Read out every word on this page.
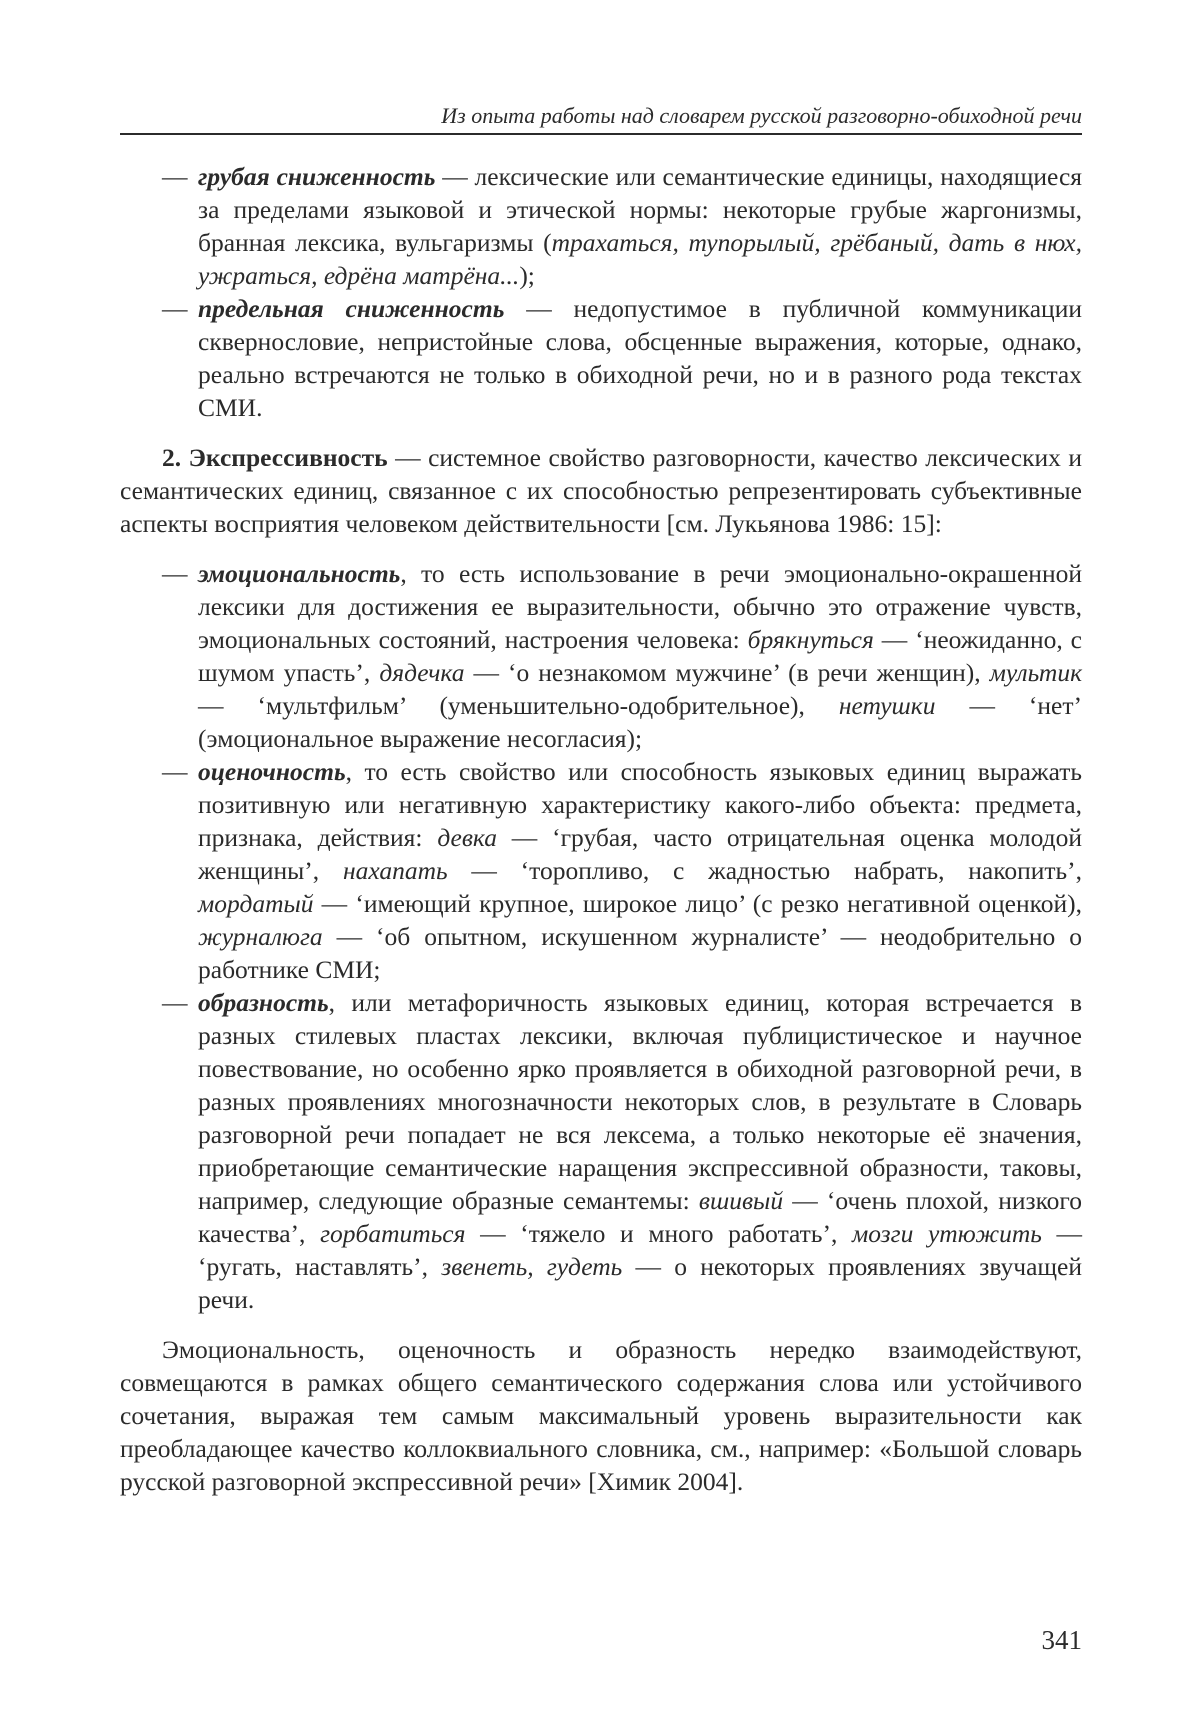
Из опыта работы над словарем русской разговорно-обиходной речи

— грубая сниженность — лексические или семантические единицы, находящиеся за пределами языковой и этической нормы: некоторые грубые жаргонизмы, бранная лексика, вульгаризмы (трахаться, тупорылый, грёбаный, дать в нюх, ужраться, едрёна матрёна...);

— предельная сниженность — недопустимое в публичной коммуникации сквернословие, непристойные слова, обсценные выражения, которые, однако, реально встречаются не только в обиходной речи, но и в разного рода текстах СМИ.

2. Экспрессивность — системное свойство разговорности, качество лексических и семантических единиц, связанное с их способностью репрезентировать субъективные аспекты восприятия человеком действительности [см. Лукьянова 1986: 15]:

— эмоциональность, то есть использование в речи эмоционально-окрашенной лексики для достижения ее выразительности, обычно это отражение чувств, эмоциональных состояний, настроения человека: брякнуться — ‘неожиданно, с шумом упасть’, дядечка — ‘о незнакомом мужчине’ (в речи женщин), мультик — ‘мультфильм’ (уменьшительно-одобрительное), нетушки — ‘нет’ (эмоциональное выражение несогласия);

— оценочность, то есть свойство или способность языковых единиц выражать позитивную или негативную характеристику какого-либо объекта: предмета, признака, действия: девка — ‘грубая, часто отрицательная оценка молодой женщины’, нахапать — ‘торопливо, с жадностью набрать, накопить’, мордатый — ‘имеющий крупное, широкое лицо’ (с резко негативной оценкой), журналюга — ‘об опытном, искушенном журналисте’ — неодобрительно о работнике СМИ;

— образность, или метафоричность языковых единиц, которая встречается в разных стилевых пластах лексики, включая публицистическое и научное повествование, но особенно ярко проявляется в обиходной разговорной речи, в разных проявлениях многозначности некоторых слов, в результате в Словарь разговорной речи попадает не вся лексема, а только некоторые её значения, приобретающие семантические наращения экспрессивной образности, таковы, например, следующие образные семантемы: вшивый — ‘очень плохой, низкого качества’, горбатиться — ‘тяжело и много работать’, мозги утюжить — ‘ругать, наставлять’, звенеть, гудеть — о некоторых проявлениях звучащей речи.

Эмоциональность, оценочность и образность нередко взаимодействуют, совмещаются в рамках общего семантического содержания слова или устойчивого сочетания, выражая тем самым максимальный уровень выразительности как преобладающее качество коллоквиального словника, см., например: «Большой словарь русской разговорной экспрессивной речи» [Химик 2004].

341
